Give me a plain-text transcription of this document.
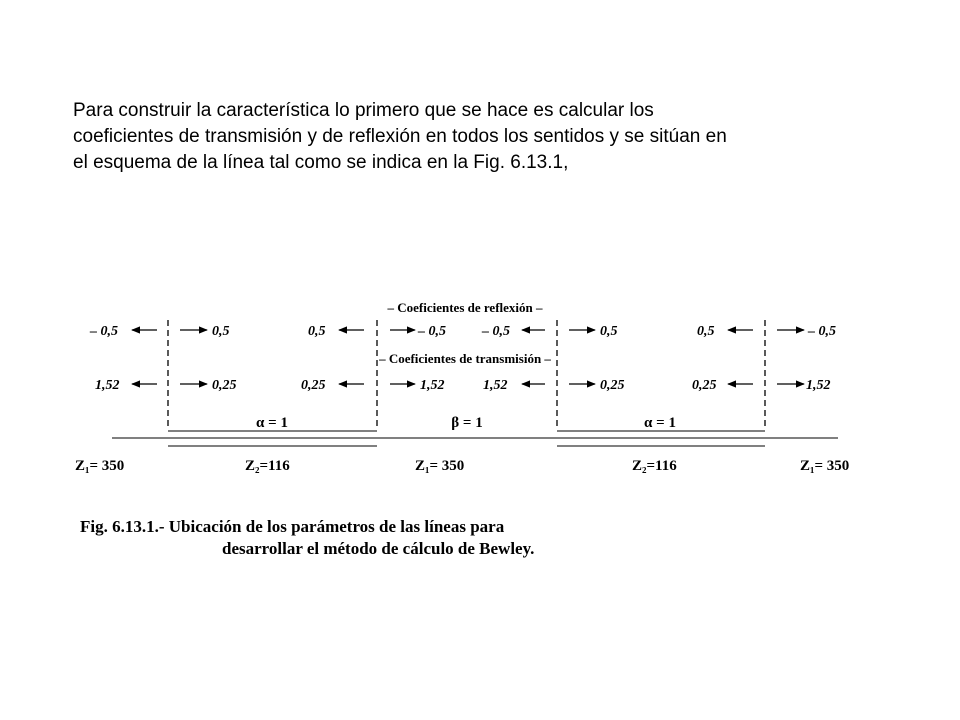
Para construir la característica lo primero que se hace es calcular los
coeficientes de transmisión y de reflexión en todos los sentidos y se sitúan en
el esquema de la línea tal como se indica en la Fig. 6.13.1,
– Coeficientes de reflexión –
– Coeficientes de transmisión –
– 0,5	0,5	0,5	– 0,5	– 0,5	0,5	0,5	– 0,5
1,52	0,25	0,25	1,52	1,52	0,25	0,25	1,52
α = 1	β = 1	α = 1
Z₁= 350	Z₂=116	Z₁= 350	Z₂=116	Z₁= 350
Fig. 6.13.1.- Ubicación de los parámetros de las líneas para
desarrollar el método de cálculo de Bewley.
